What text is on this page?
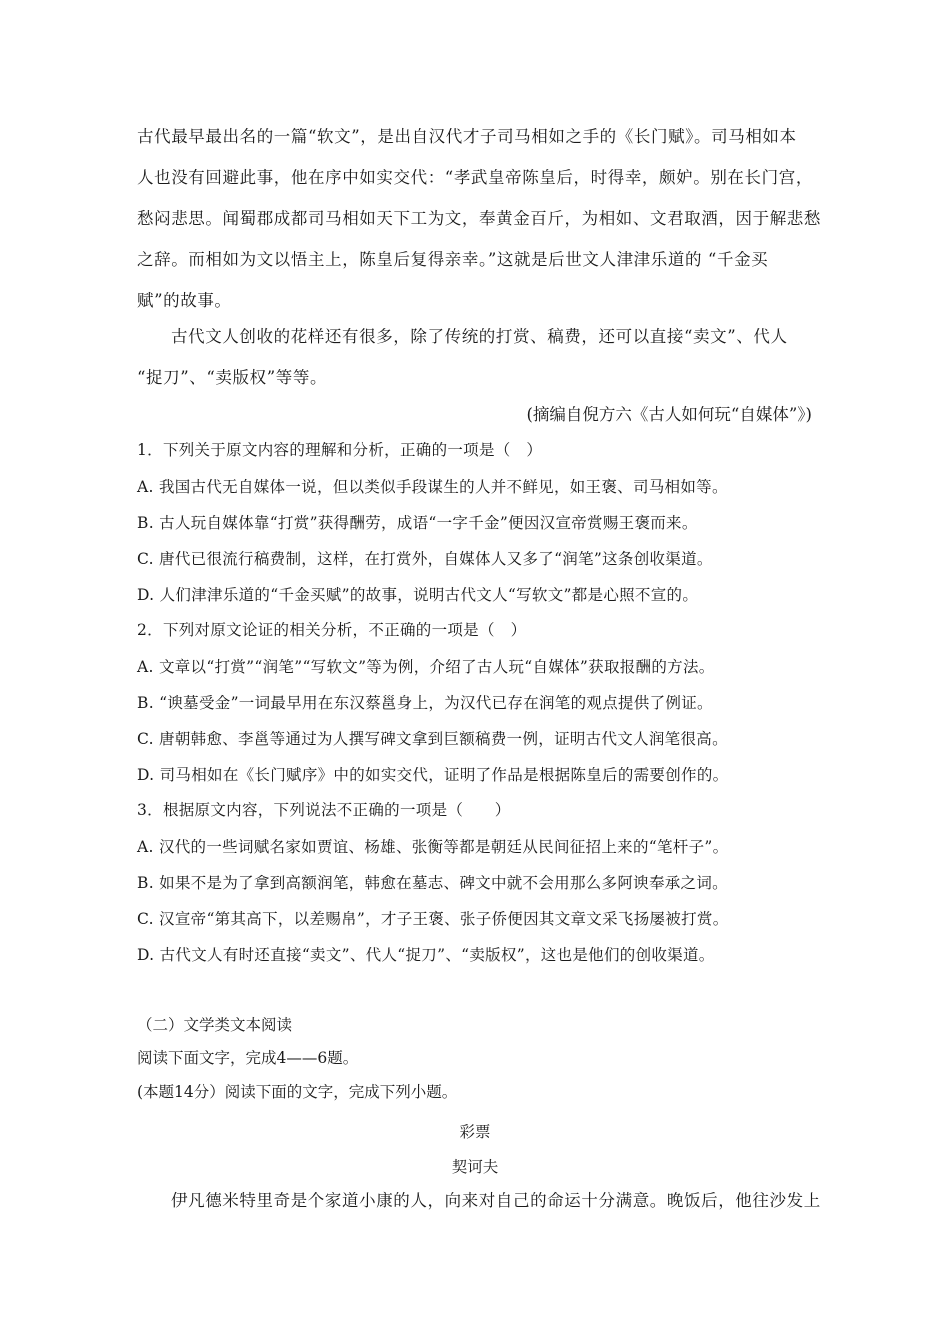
古代最早最出名的一篇“软文”，是出自汉代才子司马相如之手的《长门赋》。司马相如本
人也没有回避此事，他在序中如实交代：“孝武皇帝陈皇后，时得幸，颇妒。别在长门宫，
愁闷悲思。闻蜀郡成都司马相如天下工为文，奉黄金百斤，为相如、文君取酒，因于解悲愁
之辞。而相如为文以悟主上，陈皇后复得亲幸。”这就是后世文人津津乐道的 “千金买
赋”的故事。
古代文人创收的花样还有很多，除了传统的打赏、稿费，还可以直接“卖文”、代人
“捉刀”、“卖版权”等等。
(摘编自倪方六《古人如何玩“自媒体”》)
1．下列关于原文内容的理解和分析，正确的一项是（　）
A. 我国古代无自媒体一说，但以类似手段谋生的人并不鲜见，如王褒、司马相如等。
B. 古人玩自媒体靠“打赏”获得酬劳，成语“一字千金”便因汉宣帝赏赐王褒而来。
C. 唐代已很流行稿费制，这样，在打赏外，自媒体人又多了“润笔”这条创收渠道。
D. 人们津津乐道的“千金买赋”的故事，说明古代文人“写软文”都是心照不宣的。
2．下列对原文论证的相关分析，不正确的一项是（　）
A. 文章以“打赏”“润笔”“写软文”等为例，介绍了古人玩“自媒体”获取报酬的方法。
B. “谀墓受金”一词最早用在东汉蔡邕身上，为汉代已存在润笔的观点提供了例证。
C. 唐朝韩愈、李邕等通过为人撰写碑文拿到巨额稿费一例，证明古代文人润笔很高。
D. 司马相如在《长门赋序》中的如实交代，证明了作品是根据陈皇后的需要创作的。
3．根据原文内容，下列说法不正确的一项是（　　）
A. 汉代的一些词赋名家如贾谊、杨雄、张衡等都是朝廷从民间征招上来的“笔杆子”。
B. 如果不是为了拿到高额润笔，韩愈在墓志、碑文中就不会用那么多阿谀奉承之词。
C. 汉宣帝“第其高下，以差赐帛”，才子王褒、张子侨便因其文章文采飞扬屡被打赏。
D. 古代文人有时还直接“卖文”、代人“捉刀”、“卖版权”，这也是他们的创收渠道。
（二）文学类文本阅读
阅读下面文字，完成4——6题。
(本题14分）阅读下面的文字，完成下列小题。
彩票
契诃夫
伊凡德米特里奇是个家道小康的人，向来对自己的命运十分满意。晚饭后，他往沙发上
